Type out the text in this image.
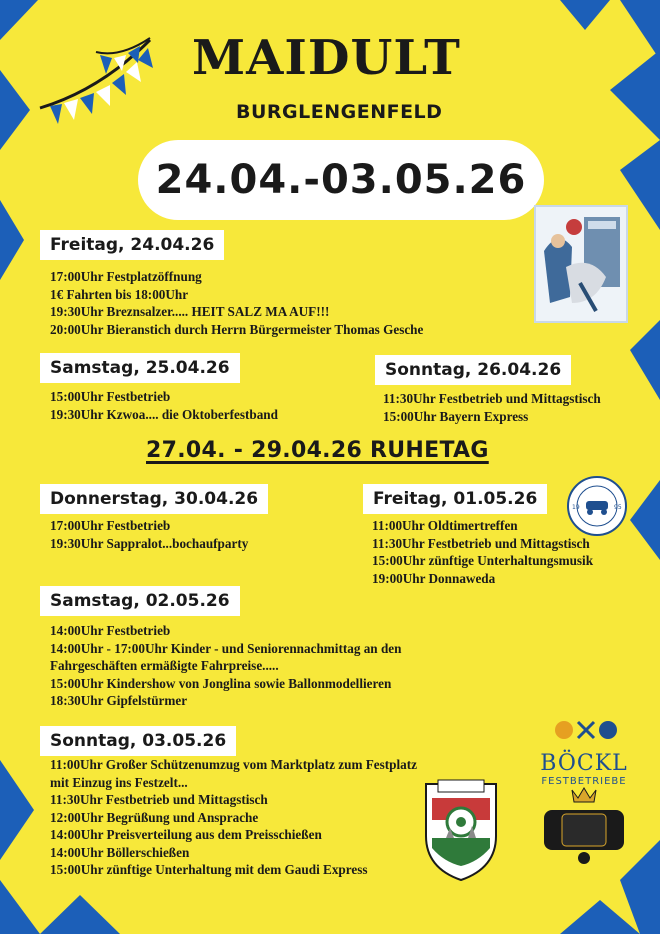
MAIDULT
BURGLENGENFELD
24.04.-03.05.26
Freitag, 24.04.26
17:00Uhr Festplatzöffnung
1€ Fahrten bis 18:00Uhr
19:30Uhr Breznsalzer..... HEIT SALZ MA AUF!!!
20:00Uhr Bieranstich durch Herrn Bürgermeister Thomas Gesche
Samstag, 25.04.26
15:00Uhr Festbetrieb
19:30Uhr Kzwoa.... die Oktoberfestband
Sonntag, 26.04.26
11:30Uhr Festbetrieb und Mittagstisch
15:00Uhr Bayern Express
27.04. - 29.04.26 RUHETAG
Donnerstag, 30.04.26
17:00Uhr Festbetrieb
19:30Uhr Sappralot...bochaufparty
Freitag, 01.05.26
11:00Uhr Oldtimertreffen
11:30Uhr Festbetrieb und Mittagstisch
15:00Uhr zünftige Unterhaltungsmusik
19:00Uhr Donnaweda
19	95
Samstag, 02.05.26
14:00Uhr Festbetrieb
14:00Uhr - 17:00Uhr Kinder - und Seniorennachmittag an den
Fahrgeschäften ermäßigte Fahrpreise.....
15:00Uhr Kindershow von Jonglina sowie Ballonmodellieren
18:30Uhr Gipfelstürmer
Sonntag, 03.05.26
11:00Uhr Großer Schützenumzug vom Marktplatz zum Festplatz
mit Einzug ins Festzelt...
11:30Uhr Festbetrieb und Mittagstisch
12:00Uhr Begrüßung und Ansprache
14:00Uhr Preisverteilung aus dem Preisschießen
14:00Uhr Böllerschießen
15:00Uhr zünftige Unterhaltung mit dem Gaudi Express
BÖCKL
FESTBETRIEBE
